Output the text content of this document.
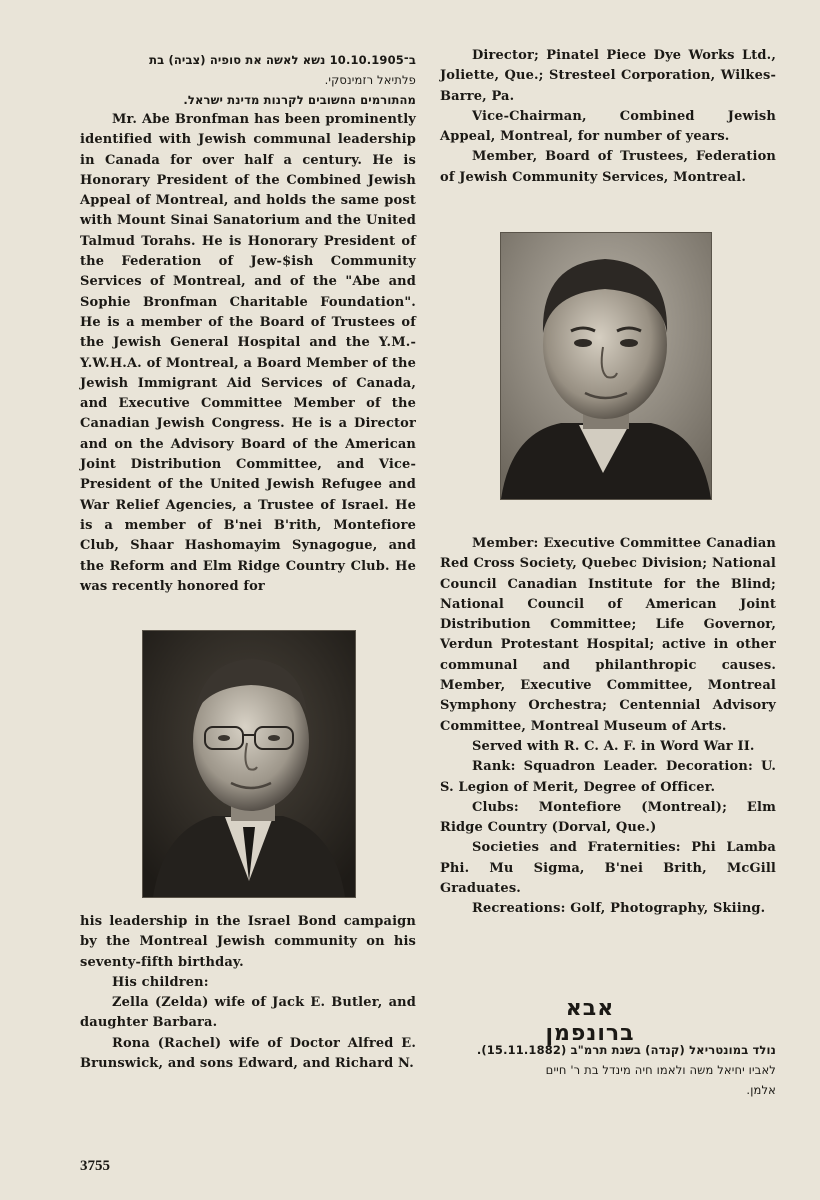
ב־10.10.1905 נשא לאשה את סופיה (צביה) בת

פלתיאל רזמינסקי.

מהתורמים החשובים לקרנות מדינת ישראל.

Mr. Abe Bronfman has been prominently identified with Jewish communal leadership in Canada for over half a century. He is Honorary President of the Combined Jewish Appeal of Montreal, and holds the same post with Mount Sinai Sanatorium and the United Talmud Torahs. He is Honorary President of the Federation of Jew-$ish Community Services of Montreal, and of the "Abe and Sophie Bronfman Charitable Foundation". He is a member of the Board of Trustees of the Jewish General Hospital and the Y.M.-Y.W.H.A. of Montreal, a Board Member of the Jewish Immigrant Aid Services of Canada, and Executive Committee Member of the Canadian Jewish Congress. He is a Director and on the Advisory Board of the American Joint Distribution Committee, and Vice-President of the United Jewish Refugee and War Relief Agencies, a Trustee of Israel. He is a member of B'nei B'rith, Montefiore Club, Shaar Hashomayim Synagogue, and the Reform and Elm Ridge Country Club. He was recently honored for

his leadership in the Israel Bond campaign by the Montreal Jewish community on his seventy-fifth birthday.

His children:

Zella (Zelda) wife of Jack E. Butler, and daughter Barbara.

Rona (Rachel) wife of Doctor Alfred E. Brunswick, and sons Edward, and Richard N.

Director; Pinatel Piece Dye Works Ltd., Joliette, Que.; Stresteel Corporation, Wilkes-Barre, Pa.

Vice-Chairman, Combined Jewish Appeal, Montreal, for number of years.

Member, Board of Trustees, Federation of Jewish Community Services, Montreal.

Member: Executive Committee Canadian Red Cross Society, Quebec Division; National Council Canadian Institute for the Blind; National Council of American Joint Distribution Committee; Life Governor, Verdun Protestant Hospital; active in other communal and philanthropic causes. Member, Executive Committee, Montreal Symphony Orchestra; Centennial Advisory Committee, Montreal Museum of Arts.

Served with R. C. A. F. in Word War II.

Rank: Squadron Leader. Decoration: U. S. Legion of Merit, Degree of Officer.

Clubs: Montefiore (Montreal); Elm Ridge Country (Dorval, Que.)

Societies and Fraternities: Phi Lamba Phi. Mu Sigma, B'nei Brith, McGill Graduates.

Recreations: Golf, Photography, Skiing.

אבא ברונפמן

נולד במונטריאל (קנדה) בשנת תרמ"ב (15.11.1882).

לאביו יחיאל משה ולאמו חיה מינדל בת ר' חיים

אלמן.

3755
